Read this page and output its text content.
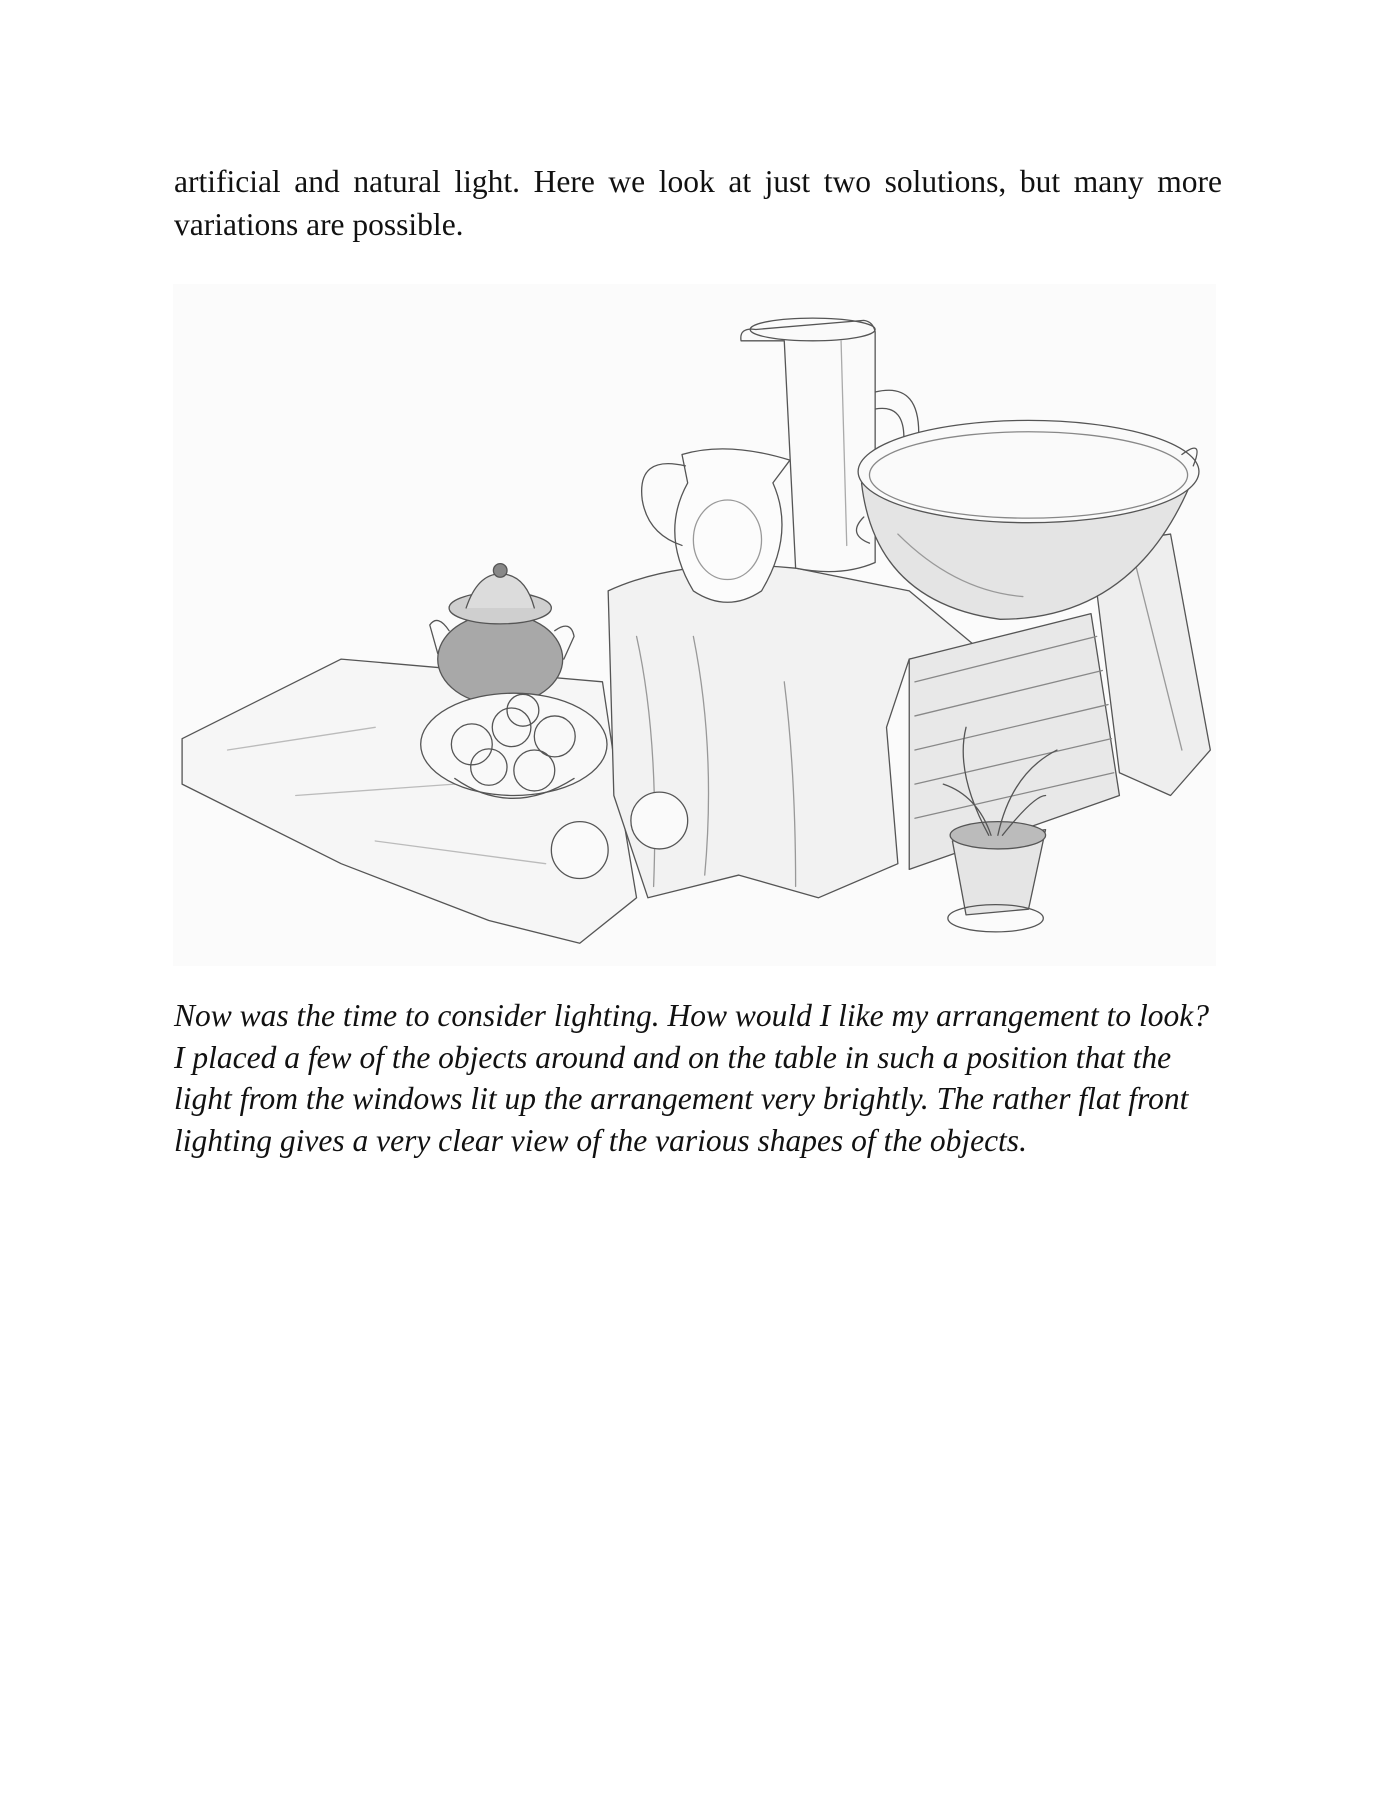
artificial and natural light. Here we look at just two solutions, but many more variations are possible.

Now was the time to consider lighting. How would I like my arrangement to look? I placed a few of the objects around and on the table in such a position that the light from the windows lit up the arrangement very brightly. The rather flat front lighting gives a very clear view of the various shapes of the objects.
